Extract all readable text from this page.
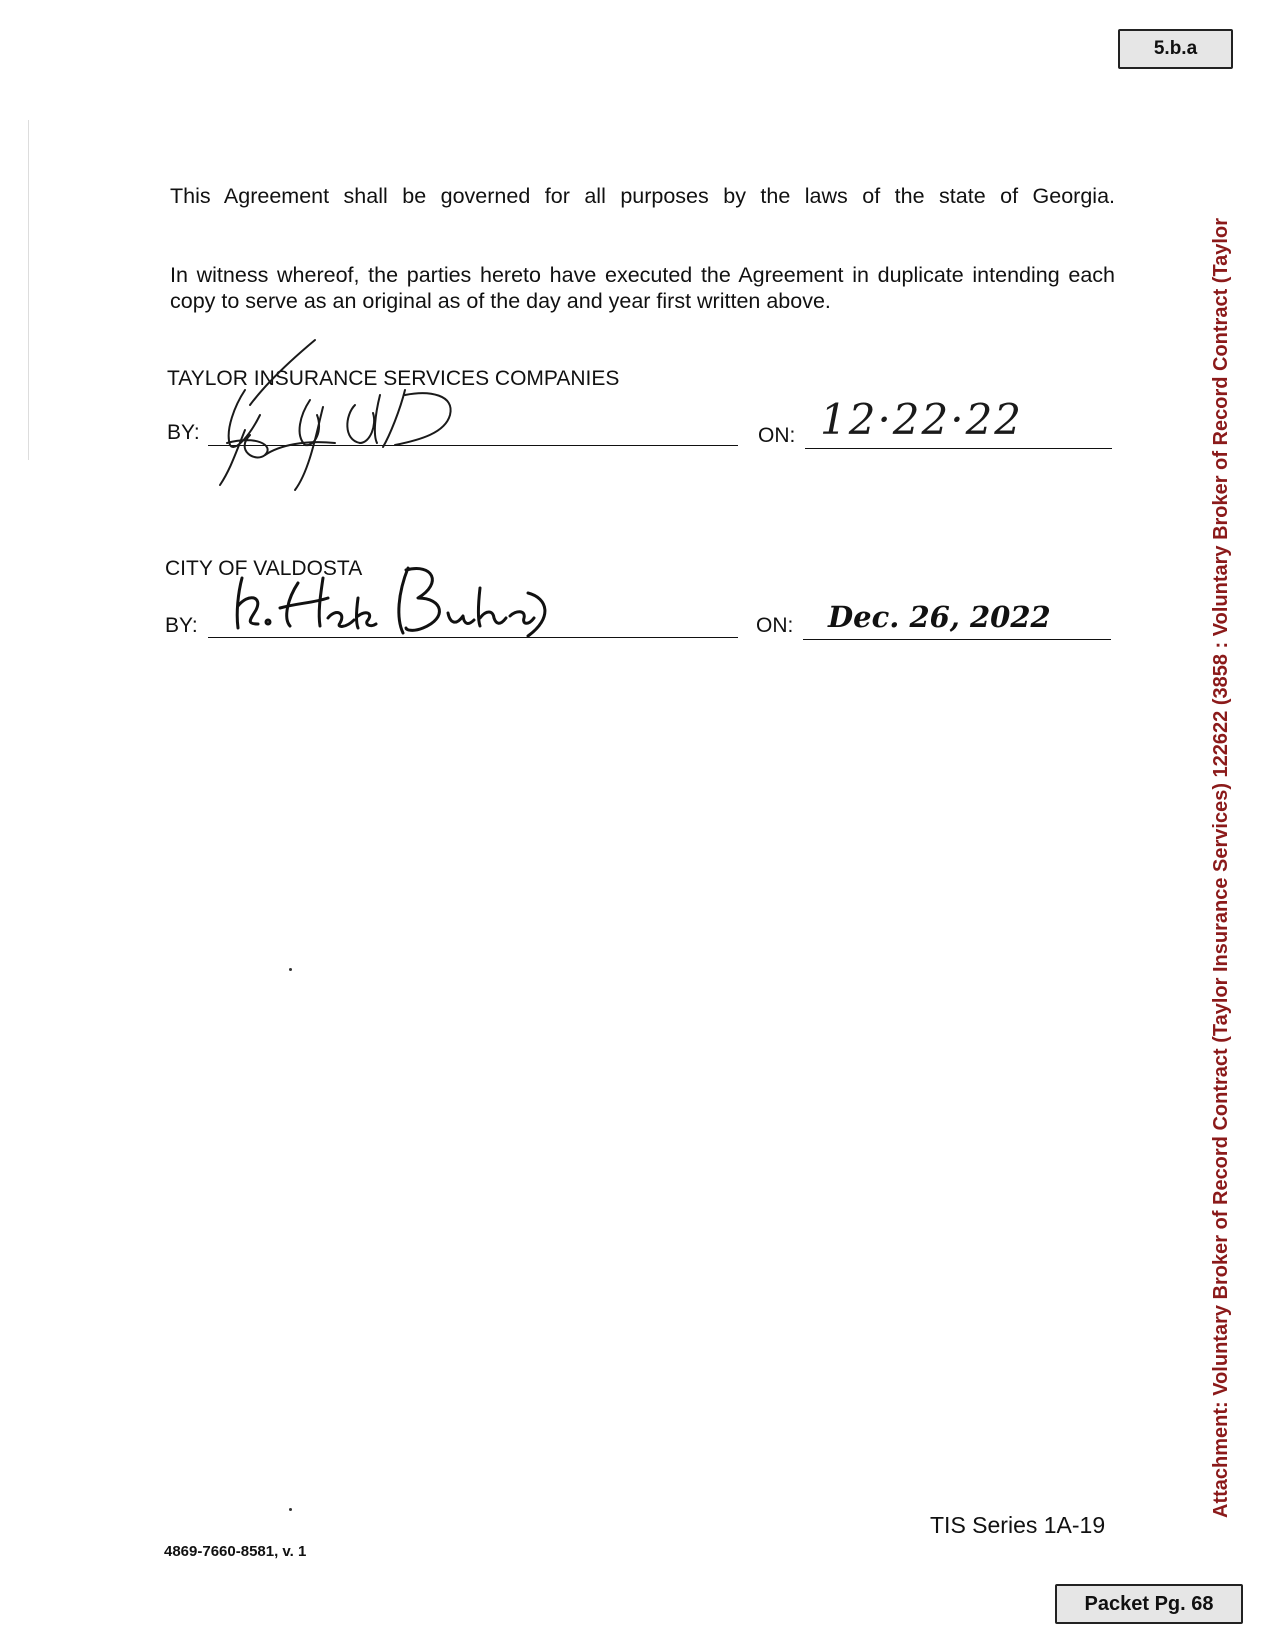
5.b.a
This Agreement shall be governed for all purposes by the laws of the state of Georgia.
In witness whereof, the parties hereto have executed the Agreement in duplicate intending each
copy to serve as an original as of the day and year first written above.
TAYLOR INSURANCE SERVICES COMPANIES
BY:	ON: 12·22·22
CITY OF VALDOSTA
BY:	ON: Dec. 26, 2022	Attachment: Voluntary Broker of Record Contract (Taylor Insurance Services) 122622 (3858 : Voluntary Broker of Record Contract (Taylor
TIS Series 1A-19
4869-7660-8581, v. 1
Packet Pg. 68
